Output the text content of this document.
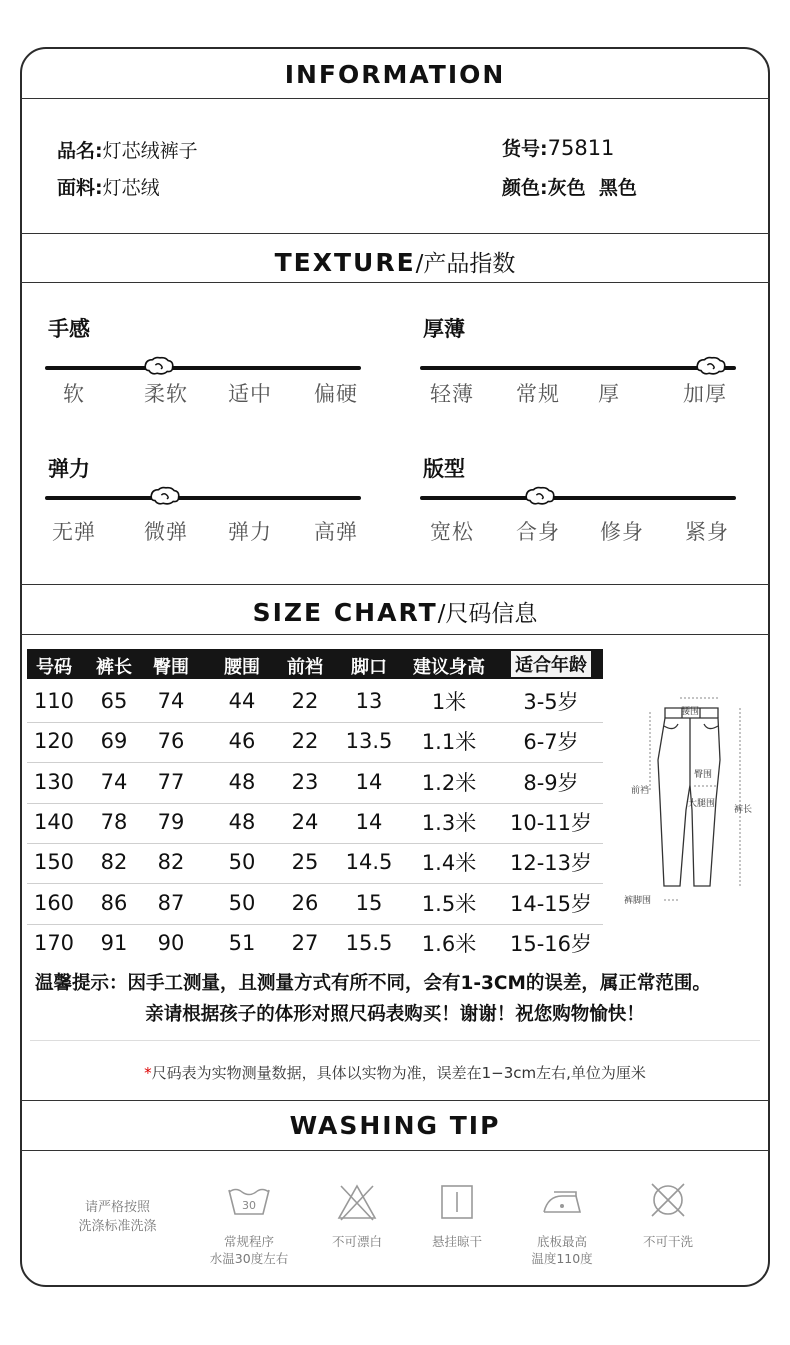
INFORMATION
品名:灯芯绒裤子	货号:75811
面料:灯芯绒	颜色:灰色  黑色
TEXTURE/产品指数
手感
软	柔软 适中 偏硬
厚薄
轻薄 常规 厚	加厚
弹力
无弹 微弹 弹力 高弹
版型
宽松 合身 修身 紧身
SIZE CHART/尺码信息
号码 裤长 臀围 腰围 前裆 脚口 建议身高 适合年龄
110 65 74 44 22 13 1米	3-5岁
120 69 76 46 22 13.5 1.1米 6-7岁
130 74 77 48 23 14 1.2米 8-9岁
140 78 79 48 24 14 1.3米 10-11岁
150 82 82 50 25 14.5 1.4米 12-13岁
160 86 87 50 26 15 1.5米 14-15岁
170 91 90 51 27 15.5 1.6米 15-16岁
腰围
臀围
前裆
大腿围
裤长
裤脚围
温馨提示：因手工测量，且测量方式有所不同，会有1-3CM的误差，属正常范围。
亲请根据孩子的体形对照尺码表购买！谢谢！祝您购物愉快！
*尺码表为实物测量数据，具体以实物为准，误差在1−3cm左右,单位为厘米
WASHING TIP
请严格按照
洗涤标准洗涤
30
常规程序
水温30度左右
不可漂白	悬挂晾干	底板最高
温度110度
不可干洗
